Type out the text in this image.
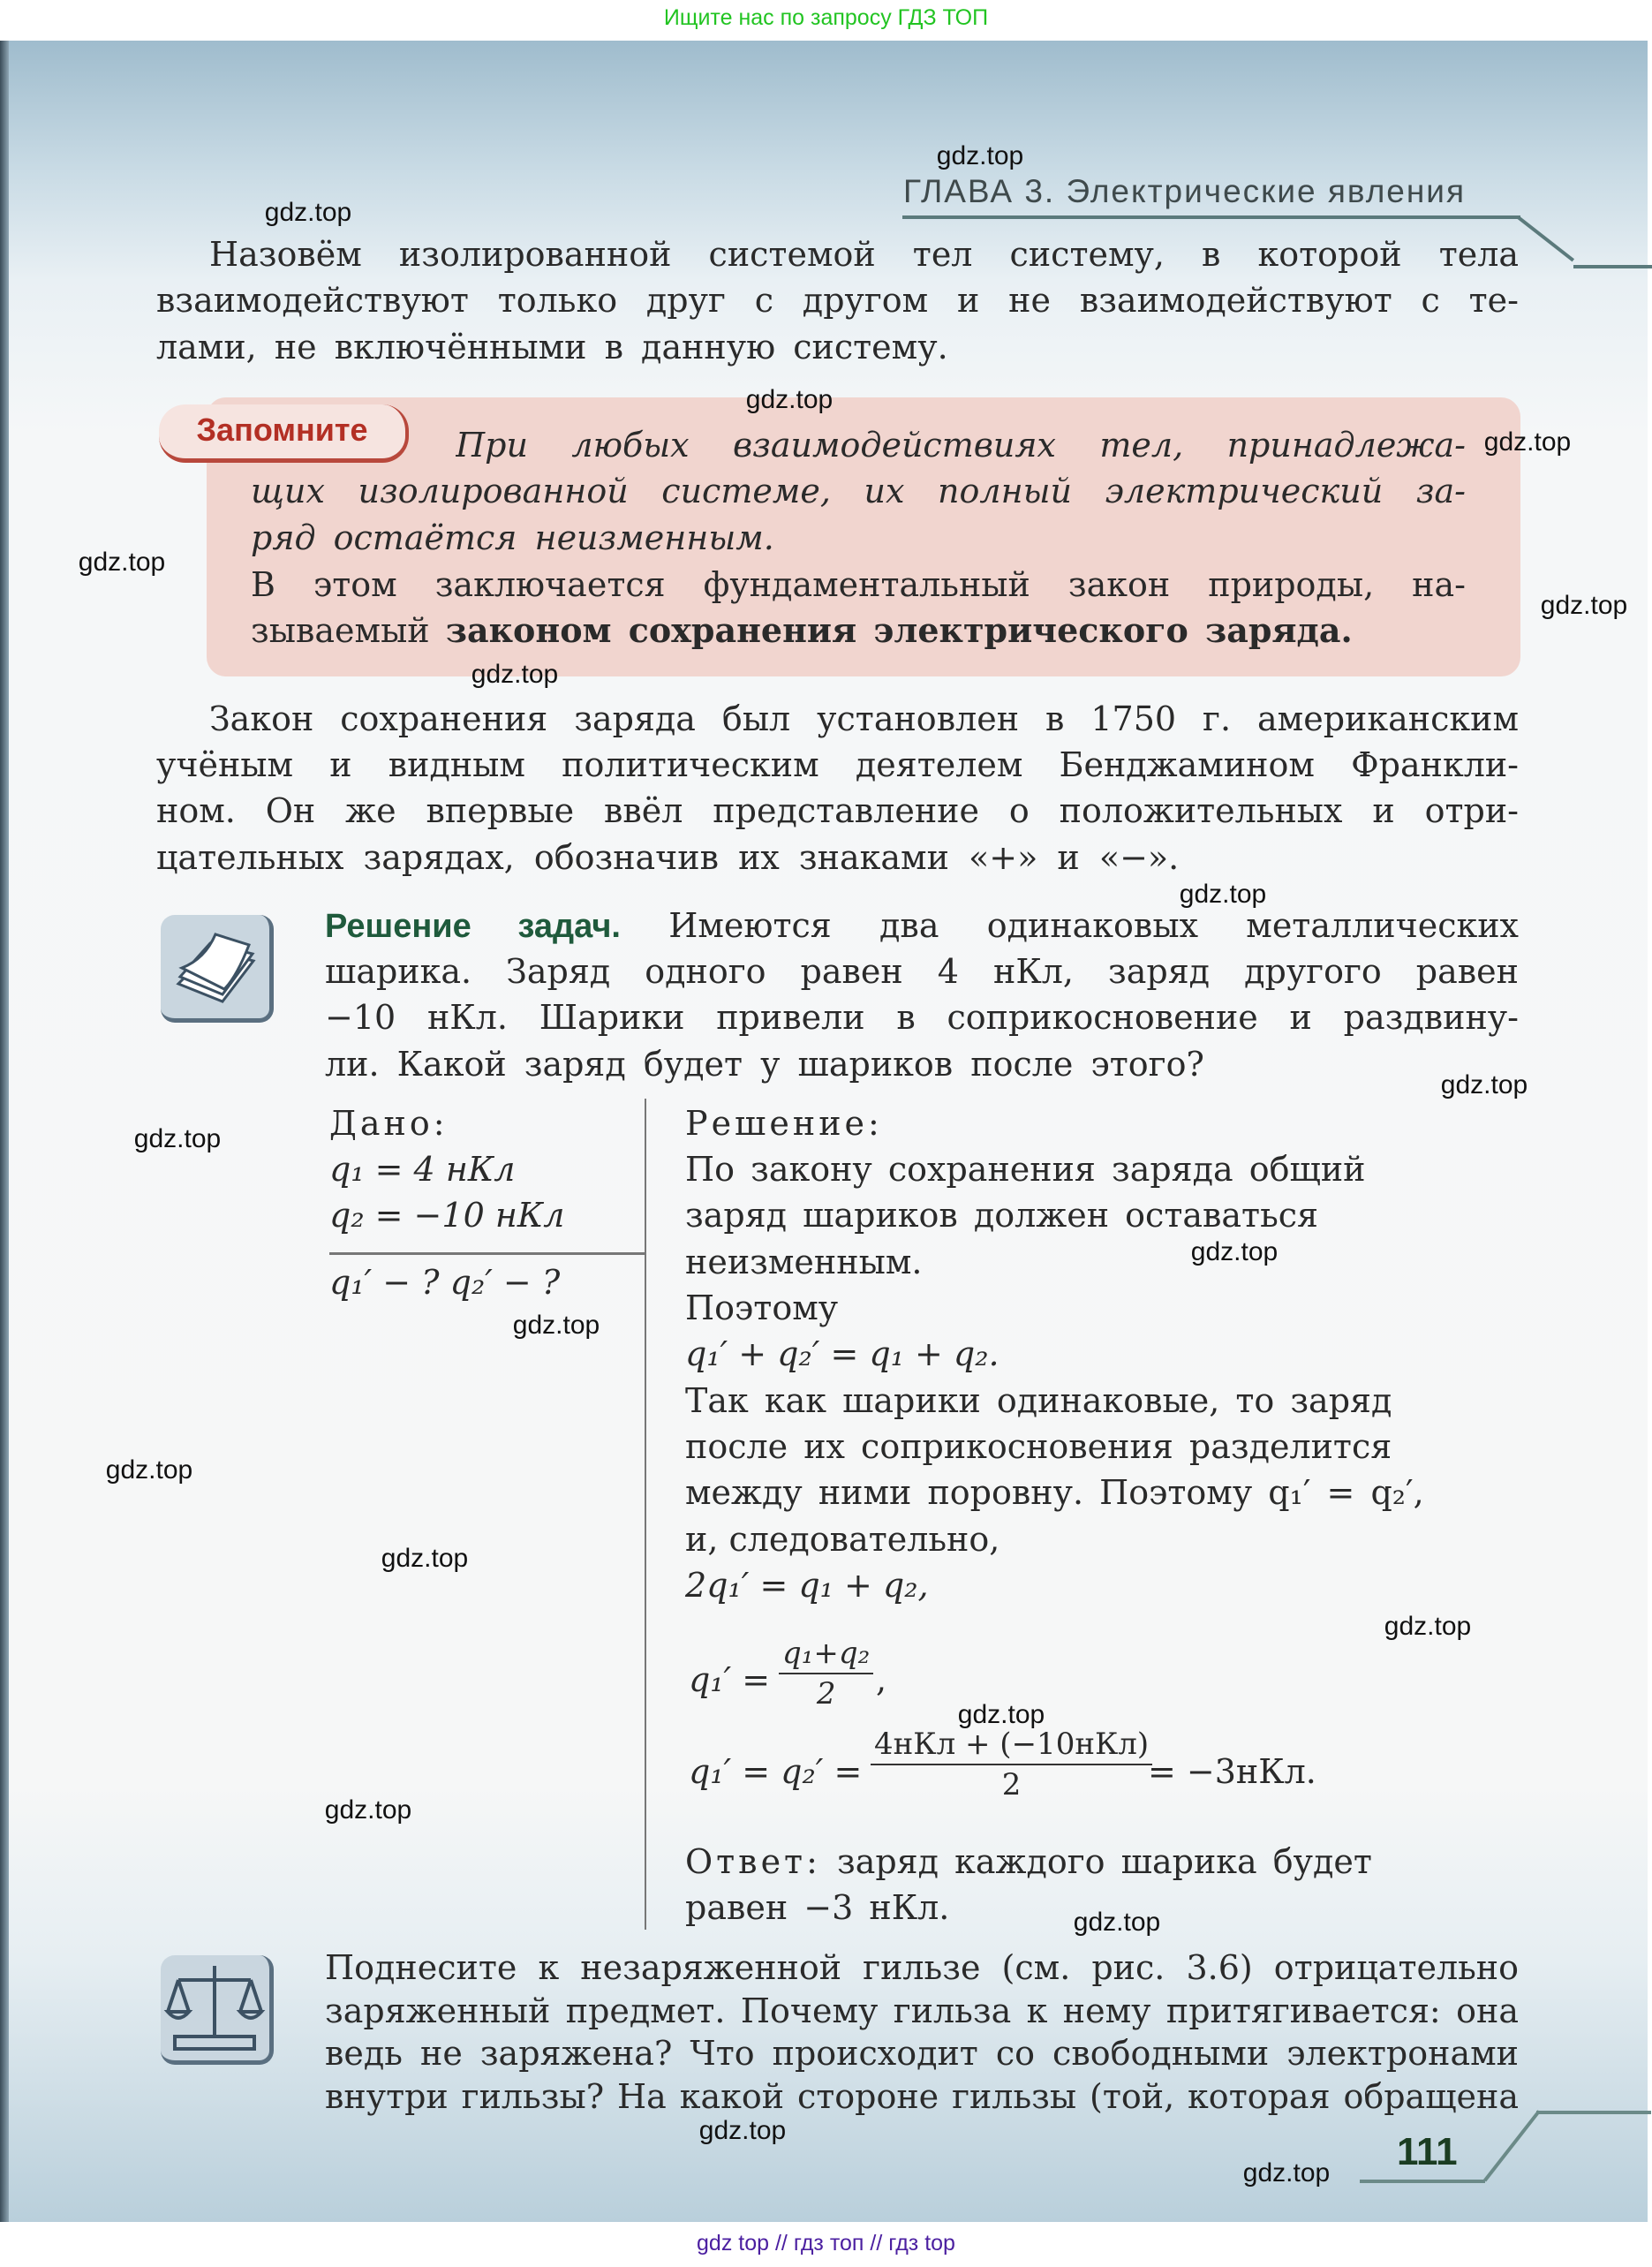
Ищите нас по запросу ГДЗ ТОП
ГЛАВА 3. Электрические явления
Назовём изолированной системой тел систему, в которой тела
взаимодействуют только друг с другом и не взаимодействуют с те-
лами, не включёнными в данную систему.
Запомните	При любых взаимодействиях тел, принадлежа-
щих изолированной системе, их полный электрический за-
ряд остаётся неизменным.
В этом заключается фундаментальный закон природы, на-
зываемый законом сохранения электрического заряда.
Закон сохранения заряда был установлен в 1750 г. американским
учёным и видным политическим деятелем Бенджамином Франкли-
ном. Он же впервые ввёл представление о положительных и отри-
цательных зарядах, обозначив их знаками «+» и «−».
Решение задач. Имеются два одинаковых металлических
шарика. Заряд одного равен 4 нКл, заряд другого равен
−10 нКл. Шарики привели в соприкосновение и раздвину-
ли. Какой заряд будет у шариков после этого?
Дано:
q₁ = 4 нКл
q₂ = −10 нКл
q₁′ − ? q₂′ − ?
Решение:
По закону сохранения заряда общий
заряд шариков должен оставаться
неизменным.
Поэтому
q₁′ + q₂′ = q₁ + q₂.
Так как шарики одинаковые, то заряд
после их соприкосновения разделится
между ними поровну. Поэтому q₁′ = q₂′,
и, следовательно,
2q₁′ = q₁ + q₂,
$q_1' = \frac{\text{q₁+q₂}}{2}$ ,
q₁′ = q₂′ =
4нКл + (−10нКл)
2	= −3нКл.
Ответ: заряд каждого шарика будет
равен −3 нКл.
Поднесите к незаряженной гильзе (см. рис. 3.6) отрицательно
заряженный предмет. Почему гильза к нему притягивается: она
ведь не заряжена? Что происходит со свободными электронами
внутри гильзы? На какой стороне гильзы (той, которая обращена
111
gdz.top
gdz.top
gdz.top
gdz.top
gdz.top
gdz.top
gdz.top
gdz.top
gdz.top
gdz.top
gdz.top
gdz.top
gdz.top
gdz.top
gdz.top
gdz.top
gdz.top
gdz.top
gdz.top
gdz.top
gdz top // гдз топ // гдз top
